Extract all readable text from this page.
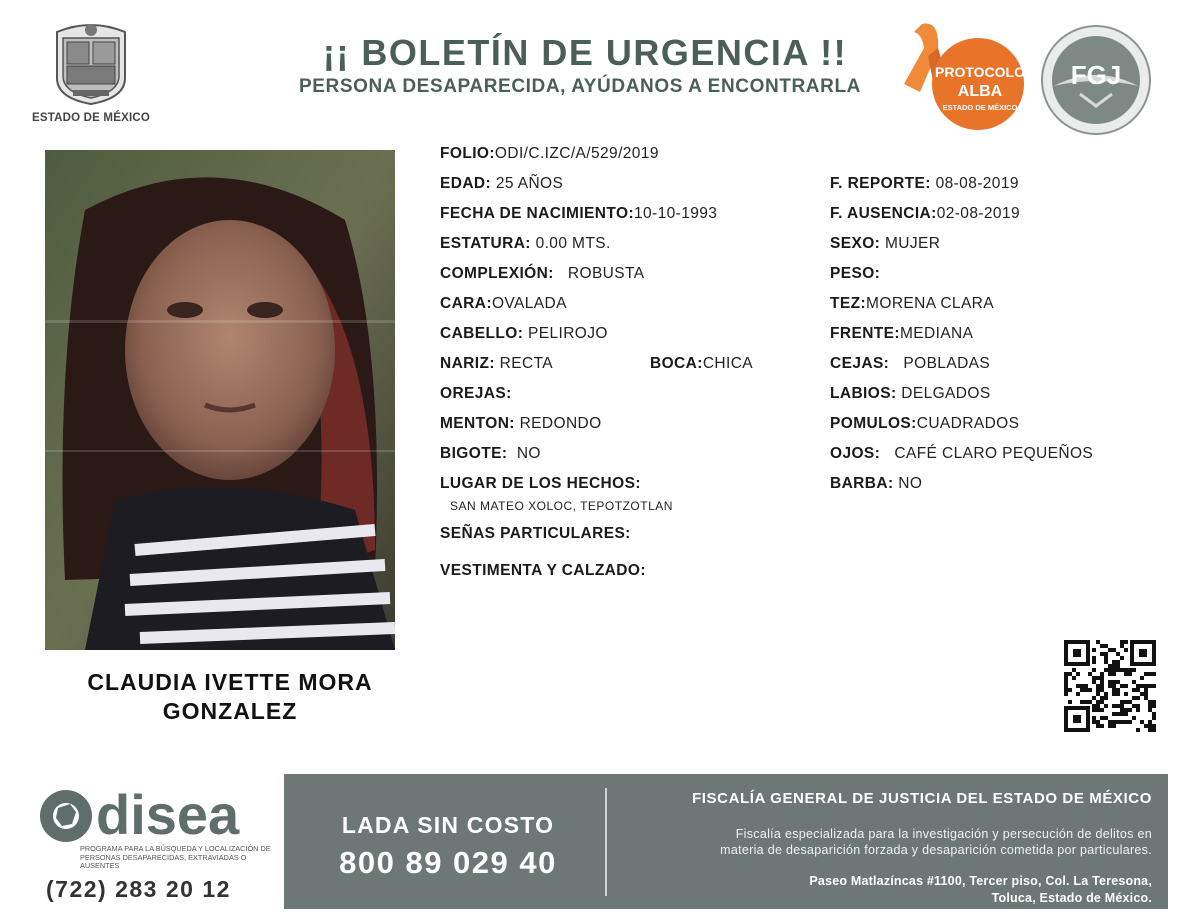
ESTADO DE MÉXICO
¡¡ BOLETÍN DE URGENCIA !!
PERSONA DESAPARECIDA, AYÚDANOS A ENCONTRARLA
PROTOCOLO
ALBA
ESTADO DE MÉXICO
FGJ
CLAUDIA IVETTE MORA GONZALEZ
FOLIO:ODI/C.IZC/A/529/2019
EDAD: 25 AÑOS
FECHA DE NACIMIENTO:10-10-1993
ESTATURA: 0.00 MTS.
COMPLEXIÓN: ROBUSTA
CARA:OVALADA
CABELLO: PELIROJO
NARIZ: RECTA	BOCA:CHICA
OREJAS:
MENTON: REDONDO
BIGOTE: NO
LUGAR DE LOS HECHOS:
SAN MATEO XOLOC, TEPOTZOTLAN
SEÑAS PARTICULARES:
VESTIMENTA Y CALZADO:
F. REPORTE: 08-08-2019
F. AUSENCIA:02-08-2019
SEXO: MUJER
PESO:
TEZ:MORENA CLARA
FRENTE:MEDIANA
CEJAS: POBLADAS
LABIOS: DELGADOS
POMULOS:CUADRADOS
OJOS: CAFÉ CLARO PEQUEÑOS
BARBA: NO
disea
PROGRAMA PARA LA BÚSQUEDA Y LOCALIZACIÓN DE PERSONAS DESAPARECIDAS, EXTRAVIADAS O AUSENTES
(722) 283 20 12
LADA SIN COSTO
800 89 029 40
FISCALÍA GENERAL DE JUSTICIA DEL ESTADO DE MÉXICO
Fiscalía especializada para la investigación y persecución de delitos en
materia de desaparición forzada y desaparición cometida por particulares.
Paseo Matlazíncas #1100, Tercer piso, Col. La Teresona,
Toluca, Estado de México.
